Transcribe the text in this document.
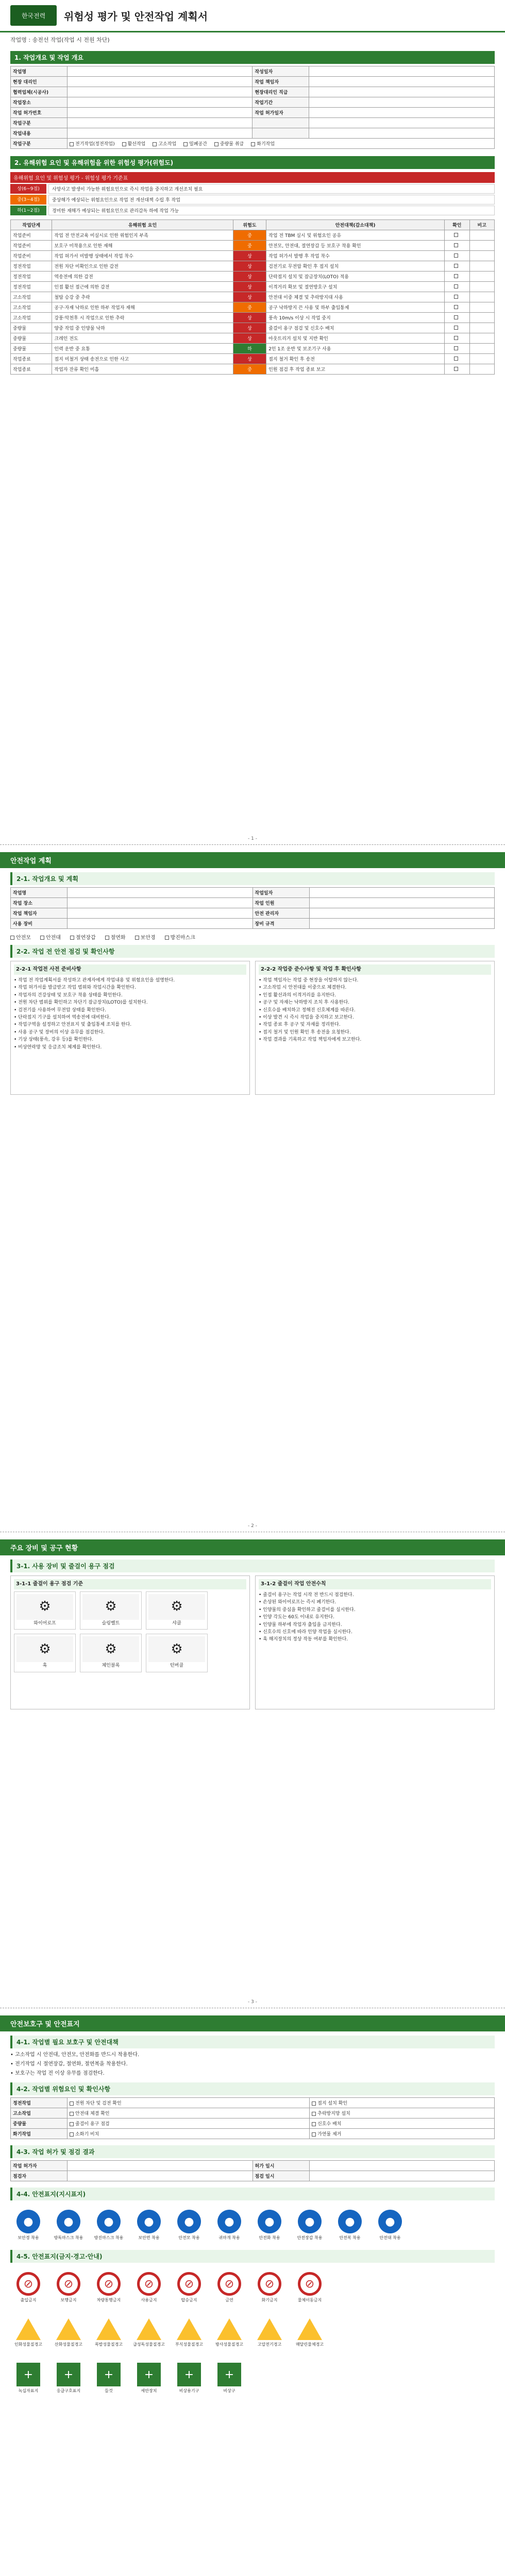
한국전력	위험성 평가 및 안전작업 계획서
작업명 : 송전선 작업(작업 시 전원 차단)
1. 작업개요 및 작업 개요
작업명		작성일자	
현장 대리인		작업 책임자	
협력업체(시공사)		현장대리인 직급	
작업장소		작업기간	
작업 허가번호		작업 허가일자	
작업구분			
작업내용			
작업구분	전기작업(정전작업) 활선작업 고소작업 밀폐공간 중량물 취급 화기작업		
2. 유해위험 요인 및 유해위험을 위한 위험성 평가(위험도)
유해위험 요인 및 위험성 평가 - 위험성 평가 기준표
상(6~9점)	사망사고 발생이 가능한 위험요인으로 즉시 작업을 중지하고 개선조치 필요
중(3~4점)	중상해가 예상되는 위험요인으로 작업 전 개선대책 수립 후 작업
하(1~2점)	경미한 재해가 예상되는 위험요인으로 관리감독 하에 작업 가능
작업단계	유해위험 요인	위험도	안전대책(감소대책)	확인	비고
작업준비	작업 전 안전교육 미실시로 인한 위험인지 부족	중	작업 전 TBM 실시 및 위험요인 공유		
작업준비	보호구 미착용으로 인한 재해	중	안전모, 안전대, 절연장갑 등 보호구 착용 확인		
작업준비	작업 허가서 미발행 상태에서 작업 착수	상	작업 허가서 발행 후 작업 착수		
정전작업	전원 차단 미확인으로 인한 감전	상	검전기로 무전압 확인 후 접지 설치		
정전작업	역송전에 의한 감전	상	단락접지 설치 및 잠금장치(LOTO) 적용		
정전작업	인접 활선 접근에 의한 감전	상	이격거리 확보 및 절연방호구 설치		
고소작업	철탑 승강 중 추락	상	안전대 이중 체결 및 추락방지대 사용		
고소작업	공구·자재 낙하로 인한 하부 작업자 재해	중	공구 낙하방지 끈 사용 및 하부 출입통제		
고소작업	강풍·악천후 시 작업으로 인한 추락	상	풍속 10m/s 이상 시 작업 중지		
중량물	양중 작업 중 인양물 낙하	상	줄걸이 용구 점검 및 신호수 배치		
중량물	크레인 전도	상	아웃트리거 설치 및 지반 확인		
중량물	인력 운반 중 요통	하	2인 1조 운반 및 보조기구 사용		
작업종료	접지 미철거 상태 송전으로 인한 사고	상	접지 철거 확인 후 송전		
작업종료	작업자 잔류 확인 미흡	중	인원 점검 후 작업 종료 보고		
- 1 -
안전작업 계획
2-1. 작업개요 및 계획
작업명		작업일자	
작업 장소		작업 인원	
작업 책임자		안전 관리자	
사용 장비		장비 규격	
안전모	안전대	절연장갑	절연화	보안경	방진마스크
2-2. 작업 전 안전 점검 및 확인사항
2-2-1 작업전 사전 준비사항
• 작업 전 작업계획서를 작성하고 관계자에게 작업내용 및 위험요인을 설명한다.
• 작업 허가서를 발급받고 작업 범위와 작업시간을 확인한다.
• 작업자의 건강상태 및 보호구 착용 상태를 확인한다.
• 전원 차단 범위를 확인하고 차단기 잠금장치(LOTO)를 설치한다.
• 검전기를 사용하여 무전압 상태를 확인한다.
• 단락접지 기구를 설치하여 역송전에 대비한다.
• 작업구역을 설정하고 안전표지 및 출입통제 조치를 한다.
• 사용 공구 및 장비의 이상 유무를 점검한다.
• 기상 상태(풍속, 강우 등)를 확인한다.
• 비상연락망 및 응급조치 체계를 확인한다.
2-2-2 작업중 준수사항 및 작업 후 확인사항
• 작업 책임자는 작업 중 현장을 이탈하지 않는다.
• 고소작업 시 안전대를 이중으로 체결한다.
• 인접 활선과의 이격거리를 유지한다.
• 공구 및 자재는 낙하방지 조치 후 사용한다.
• 신호수를 배치하고 정해진 신호체계를 따른다.
• 이상 발견 시 즉시 작업을 중지하고 보고한다.
• 작업 종료 후 공구 및 자재를 정리한다.
• 접지 철거 및 인원 확인 후 송전을 요청한다.
• 작업 결과를 기록하고 작업 책임자에게 보고한다.
- 2 -
주요 장비 및 공구 현황
3-1. 사용 장비 및 줄걸이 용구 점검
3-1-1 줄걸이 용구 점검 기준
⚙
와이어로프
⚙
슬링벨트
⚙
샤클
⚙
훅
⚙
체인블록
⚙
턴버클
3-1-2 줄걸이 작업 안전수칙
• 줄걸이 용구는 작업 시작 전 반드시 점검한다.
• 손상된 와이어로프는 즉시 폐기한다.
• 인양물의 중심을 확인하고 줄걸이를 실시한다.
• 인양 각도는 60도 이내로 유지한다.
• 인양물 하부에 작업자 출입을 금지한다.
• 신호수의 신호에 따라 인양 작업을 실시한다.
• 훅 해지장치의 정상 작동 여부를 확인한다.
- 3 -
안전보호구 및 안전표지
4-1. 작업별 필요 보호구 및 안전대책
• 고소작업 시 안전대, 안전모, 안전화를 반드시 착용한다.
• 전기작업 시 절연장갑, 절연화, 절연복을 착용한다.
• 보호구는 작업 전 이상 유무를 점검한다.
4-2. 작업별 위험요인 및 확인사항
정전작업	전원 차단 및 검전 확인	접지 설치 확인
고소작업	안전대 체결 확인	추락방지망 설치
중량물	줄걸이 용구 점검	신호수 배치
화기작업	소화기 비치	가연물 제거
4-3. 작업 허가 및 점검 결과
작업 허가자		허가 일시	
점검자		점검 일시	
4-4. 안전표지(지시표지)
●
보안경 착용
●
방독마스크 착용
●
방진마스크 착용
●
보안면 착용
●
안전모 착용
●
귀마개 착용
●
안전화 착용
●
안전장갑 착용
●
안전복 착용
●
안전대 착용
4-5. 안전표지(금지·경고·안내)
⊘
출입금지
⊘
보행금지
⊘
차량통행금지
⊘
사용금지
⊘
탑승금지
⊘
금연
⊘
화기금지
⊘
물체이동금지
인화성물질경고	산화성물질경고	폭발성물질경고	급성독성물질경고	부식성물질경고	방사성물질경고	고압전기경고	매달린물체경고
+
녹십자표지
+
응급구호표지
+
들것
+
세안장치
+
비상용기구
+
비상구
